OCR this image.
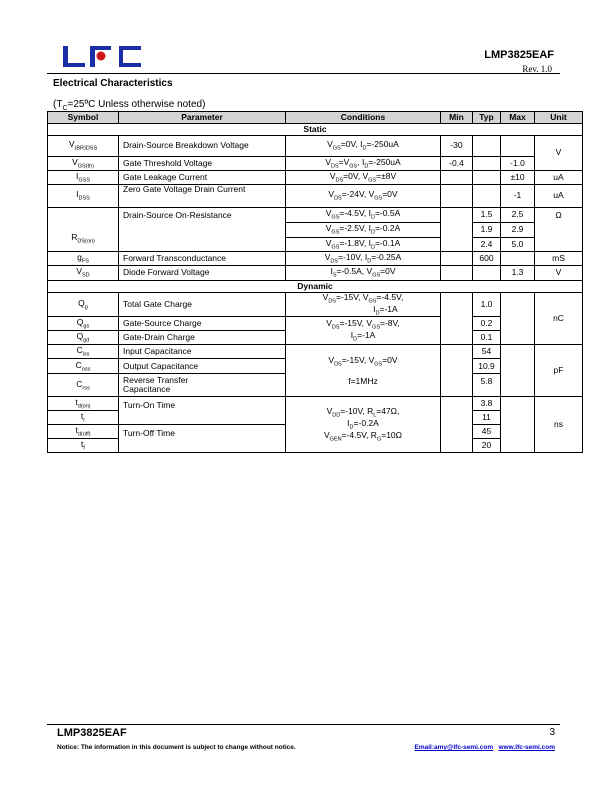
LMP3825EAF
Rev. 1.0
Electrical Characteristics
($T_C=25ºC$ Unless otherwise noted)
Symbol	Parameter	Conditions	Min	Typ	Max	Unit
Static						
$V_{(BR)DSS}$	Drain-Source Breakdown Voltage	$V_{GS}=0V$, $I_D=-250uA$	-30			V
$V_{GS(th)}$	Gate Threshold Voltage	$V_{DS}=V_{GS}$, $I_D=-250uA$	-0.4		-1.0	
$I_{GSS}$	Gate Leakage Current	$V_{DS}=0V$, $V_{GS}=\pm 8V$			±10	uA
$I_{DSS}$	Zero Gate Voltage Drain Current	$V_{DS}=-24V$, $V_{GS}=0V$			-1	uA
$R_{DS(on)}$	Drain-Source On-Resistance	$V_{GS}=-4.5V$, $I_D=-0.5A$		1.5	2.5	Ω
		$V_{GS}=-2.5V$, $I_D=-0.2A$		1.9	2.9	
		$V_{GS}=-1.8V$, $I_D=-0.1A$		2.4	5.0	
$g_{FS}$	Forward Transconductance	$V_{DS}=-10V$, $I_D=-0.25A$		600		mS
$V_{SD}$	Diode Forward Voltage	$I_S=-0.5A$, $V_{GS}=0V$			1.3	V
Dynamic						
$Q_g$	Total Gate Charge	$V_{DS}=-15V$, $V_{GS}=-4.5V$,
$I_D=-1A$		1.0		nC
$Q_{gs}$	Gate-Source Charge	$V_{DS}=-15V$, $V_{GS}=-8V$,
$I_D=-1A$		0.2		
$Q_{gd}$	Gate-Drain Charge			0.1		
$C_{iss}$	Input Capacitance	$V_{DS}=-15V$, $V_{GS}=0V$

f=1MHz		54		pF
$C_{oss}$	Output Capacitance			10.9		
$C_{rss}$	Reverse Transfer Capacitance			5.8		
$t_{d(on)}$	Turn-On Time	$V_{DD}=-10V$, $R_L=47\Omega$,
$I_D=-0.2A$
$V_{GEN}=-4.5V$, $R_G=10\Omega$		3.8		ns
$t_r$				11		
$t_{d(off)}$	Turn-Off Time			45		
$t_f$				20		
LMP3825EAF	3
Notice: The information in this document is subject to change without notice.	Email:amy@lfc-semi.com www.lfc-semi.com
